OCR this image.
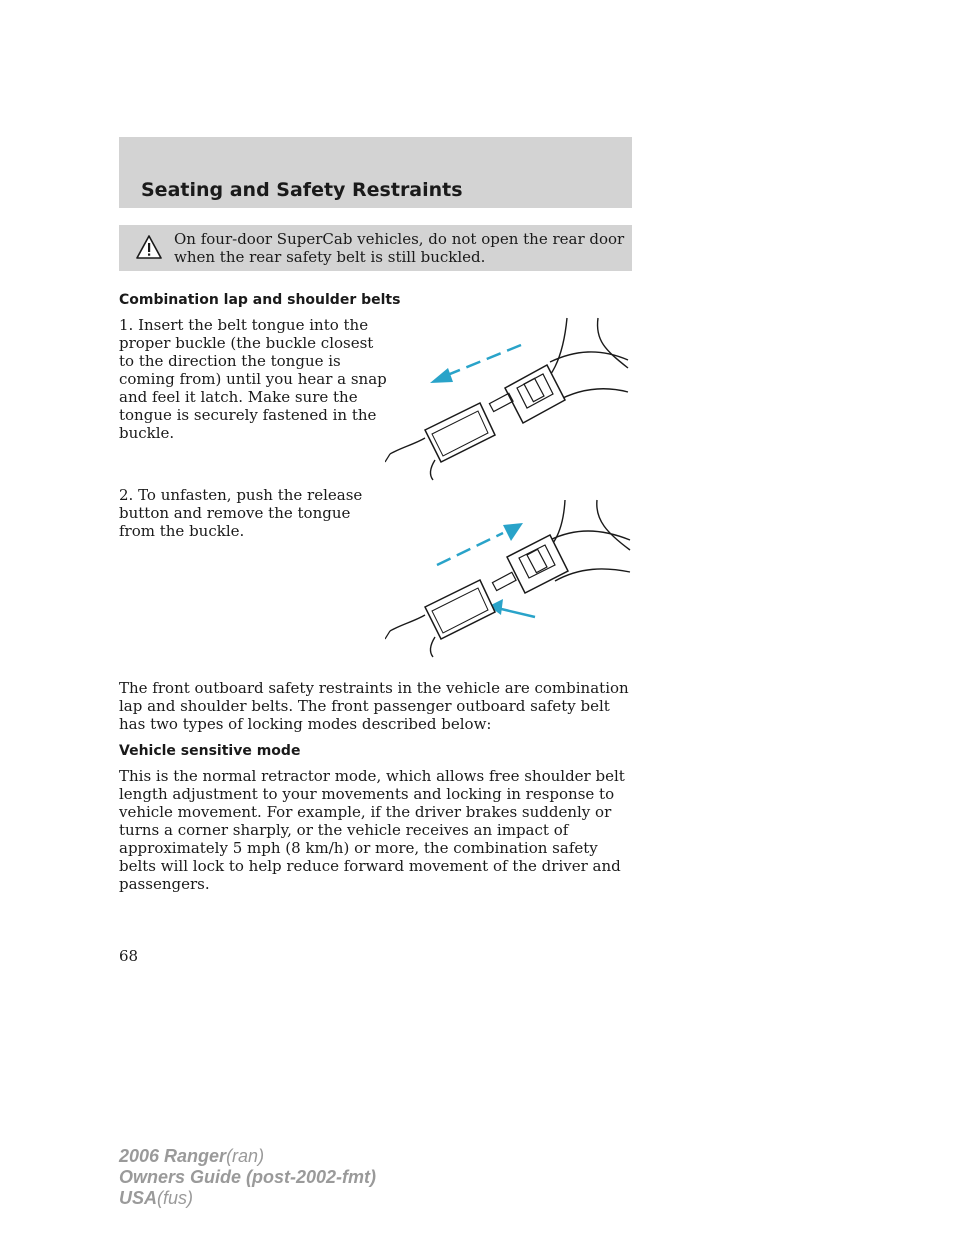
Seating and Safety Restraints

On four-door SuperCab vehicles, do not open the rear door when the rear safety belt is still buckled.

Combination lap and shoulder belts

1. Insert the belt tongue into the proper buckle (the buckle closest to the direction the tongue is coming from) until you hear a snap and feel it latch. Make sure the tongue is securely fastened in the buckle.

2. To unfasten, push the release button and remove the tongue from the buckle.

The front outboard safety restraints in the vehicle are combination lap and shoulder belts. The front passenger outboard safety belt has two types of locking modes described below:

Vehicle sensitive mode

This is the normal retractor mode, which allows free shoulder belt length adjustment to your movements and locking in response to vehicle movement. For example, if the driver brakes suddenly or turns a corner sharply, or the vehicle receives an impact of approximately 5 mph (8 km/h) or more, the combination safety belts will lock to help reduce forward movement of the driver and passengers.

68

2006 Ranger(ran)
Owners Guide (post-2002-fmt)
USA(fus)
